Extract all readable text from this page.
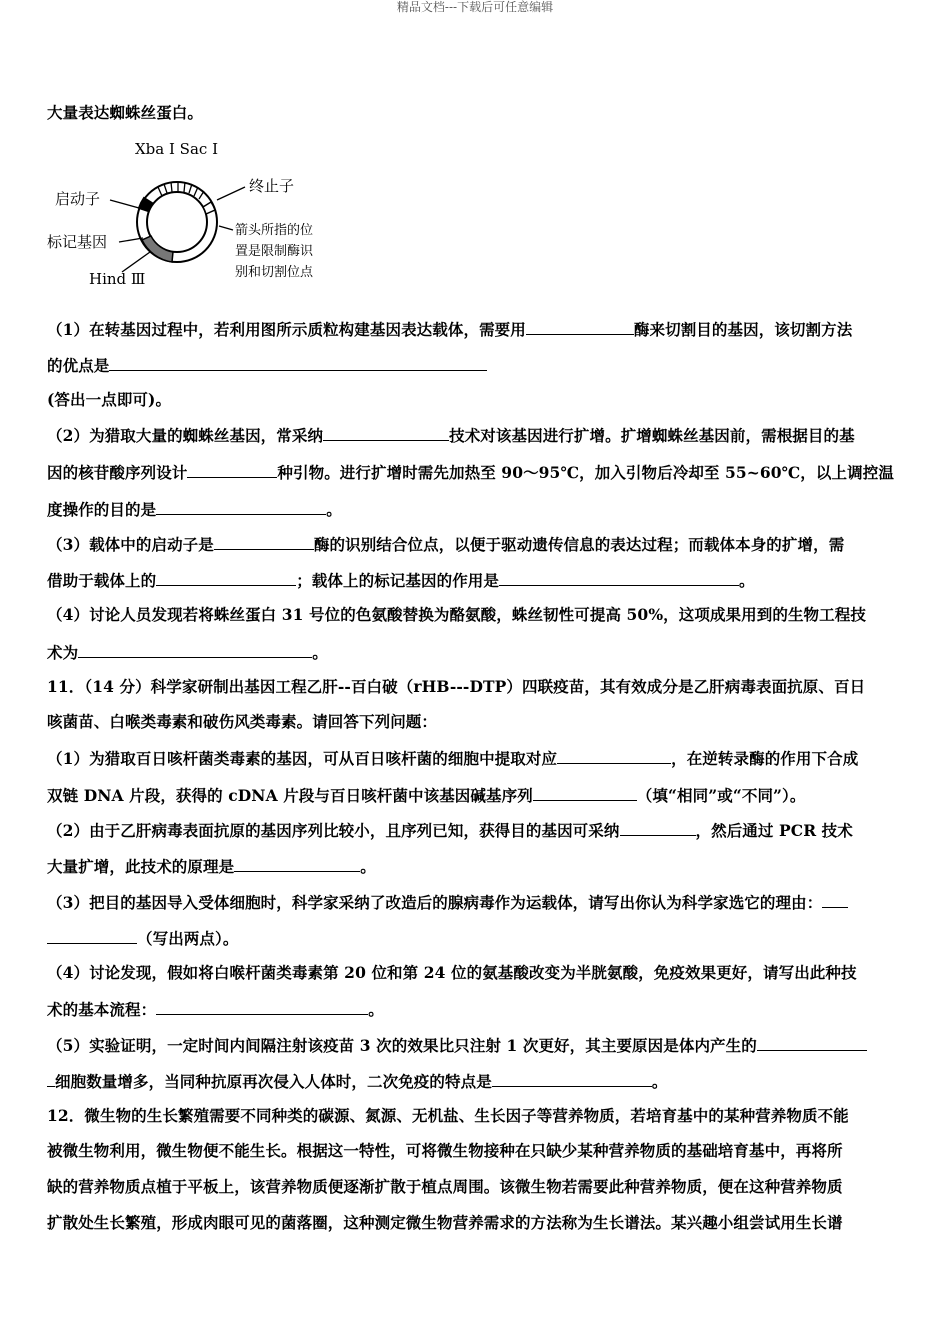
精品文档---下载后可任意编辑
大量表达蜘蛛丝蛋白。
Xba I Sac I
启动子
终止子
标记基因
Hind Ⅲ
箭头所指的位
置是限制酶识
别和切割位点
（1）在转基因过程中，若利用图所示质粒构建基因表达载体，需要用	酶来切割目的基因，该切割方法
的优点是
(答出一点即可)。
（2）为猎取大量的蜘蛛丝基因，常采纳	技术对该基因进行扩增。扩增蜘蛛丝基因前，需根据目的基
因的核苷酸序列设计	种引物。进行扩增时需先加热至 90～95℃，加入引物后冷却至 55~60℃，以上调控温
度操作的目的是	。
（3）载体中的启动子是	酶的识别结合位点，以便于驱动遗传信息的表达过程；而载体本身的扩增，需
借助于载体上的	；载体上的标记基因的作用是	。
（4）讨论人员发现若将蛛丝蛋白 31 号位的色氨酸替换为酪氨酸，蛛丝韧性可提高 50%，这项成果用到的生物工程技
术为	。
11．（14 分）科学家研制出基因工程乙肝--百白破（rHB---DTP）四联疫苗，其有效成分是乙肝病毒表面抗原、百日
咳菌苗、白喉类毒素和破伤风类毒素。请回答下列问题：
（1）为猎取百日咳杆菌类毒素的基因，可从百日咳杆菌的细胞中提取对应	，在逆转录酶的作用下合成
双链 DNA 片段，获得的 cDNA 片段与百日咳杆菌中该基因碱基序列	（填“相同”或“不同”）。
（2）由于乙肝病毒表面抗原的基因序列比较小，且序列已知，获得目的基因可采纳	，然后通过 PCR 技术
大量扩增，此技术的原理是	。
（3）把目的基因导入受体细胞时，科学家采纳了改造后的腺病毒作为运载体，请写出你认为科学家选它的理由：
（写出两点）。
（4）讨论发现，假如将白喉杆菌类毒素第 20 位和第 24 位的氨基酸改变为半胱氨酸，免疫效果更好，请写出此种技
术的基本流程：	。
（5）实验证明，一定时间内间隔注射该疫苗 3 次的效果比只注射 1 次更好，其主要原因是体内产生的
细胞数量增多，当同种抗原再次侵入人体时，二次免疫的特点是	。
12．微生物的生长繁殖需要不同种类的碳源、氮源、无机盐、生长因子等营养物质，若培育基中的某种营养物质不能
被微生物利用，微生物便不能生长。根据这一特性，可将微生物接种在只缺少某种营养物质的基础培育基中，再将所
缺的营养物质点植于平板上，该营养物质便逐渐扩散于植点周围。该微生物若需要此种营养物质，便在这种营养物质
扩散处生长繁殖，形成肉眼可见的菌落圈，这种测定微生物营养需求的方法称为生长谱法。某兴趣小组尝试用生长谱
